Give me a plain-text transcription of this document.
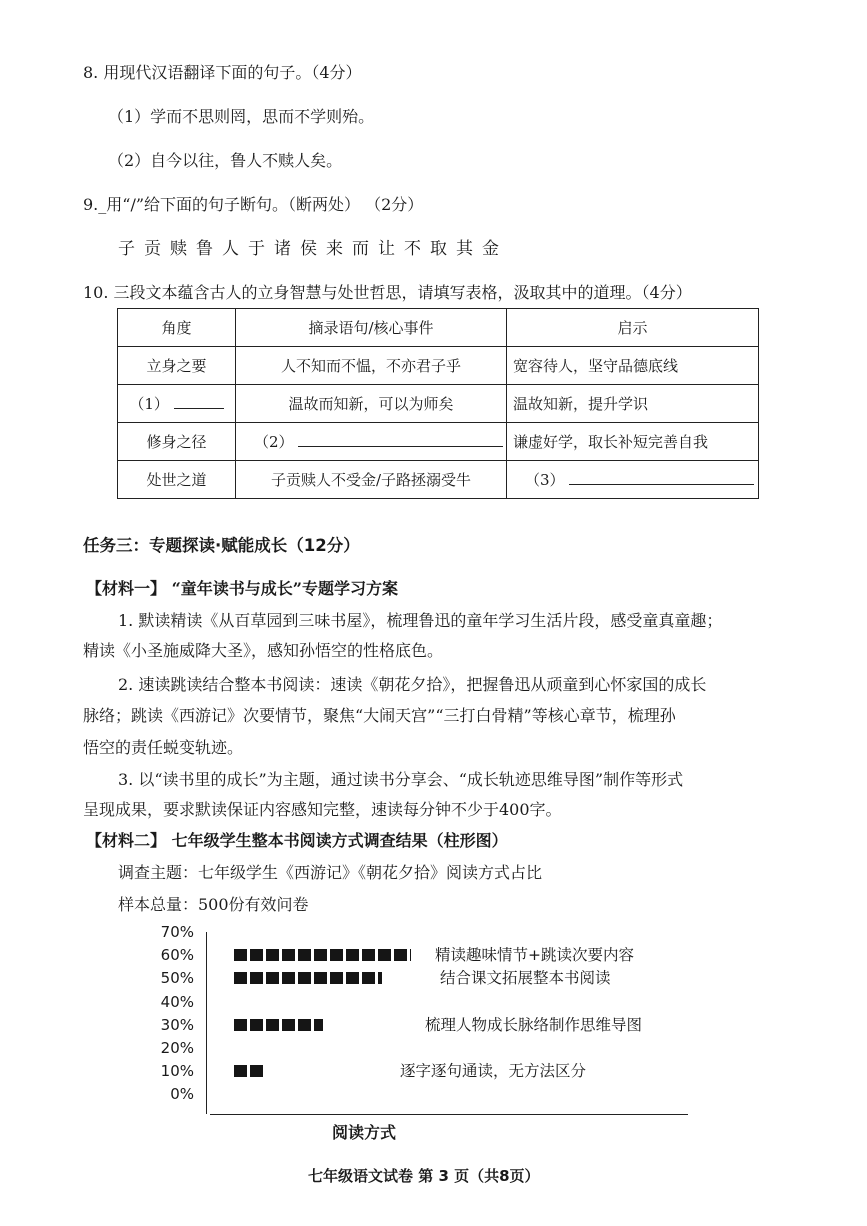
8. 用现代汉语翻译下面的句子。（4分）
（1）学而不思则罔，思而不学则殆。
（2）自今以往，鲁人不赎人矣。
9._用“/”给下面的句子断句。（断两处） （2分）
子贡赎鲁人于诸侯来而让不取其金
10. 三段文本蕴含古人的立身智慧与处世哲思，请填写表格，汲取其中的道理。（4分）
角度	摘录语句/核心事件	启示
立身之要	人不知而不愠，不亦君子乎	宽容待人，坚守品德底线
（1）	温故而知新，可以为师矣	温故知新，提升学识
修身之径	（2）	谦虚好学，取长补短完善自我
处世之道	子贡赎人不受金/子路拯溺受牛	（3）
任务三：专题探读·赋能成长（12分）
【材料一】 “童年读书与成长”专题学习方案
1. 默读精读《从百草园到三味书屋》，梳理鲁迅的童年学习生活片段，感受童真童趣；
精读《小圣施威降大圣》，感知孙悟空的性格底色。
2. 速读跳读结合整本书阅读：速读《朝花夕拾》，把握鲁迅从顽童到心怀家国的成长
脉络；跳读《西游记》次要情节，聚焦“大闹天宫”“三打白骨精”等核心章节，梳理孙
悟空的责任蜕变轨迹。
3. 以“读书里的成长”为主题，通过读书分享会、“成长轨迹思维导图”制作等形式
呈现成果，要求默读保证内容感知完整，速读每分钟不少于400字。
【材料二】 七年级学生整本书阅读方式调查结果（柱形图）
调查主题：七年级学生《西游记》《朝花夕拾》阅读方式占比
样本总量：500份有效问卷
阅读方式
70%
60%
50%
40%
30%
20%
10%
0%
精读趣味情节+跳读次要内容
结合课文拓展整本书阅读
梳理人物成长脉络制作思维导图
逐字逐句通读，无方法区分
七年级语文试卷 第 3 页（共8页）
